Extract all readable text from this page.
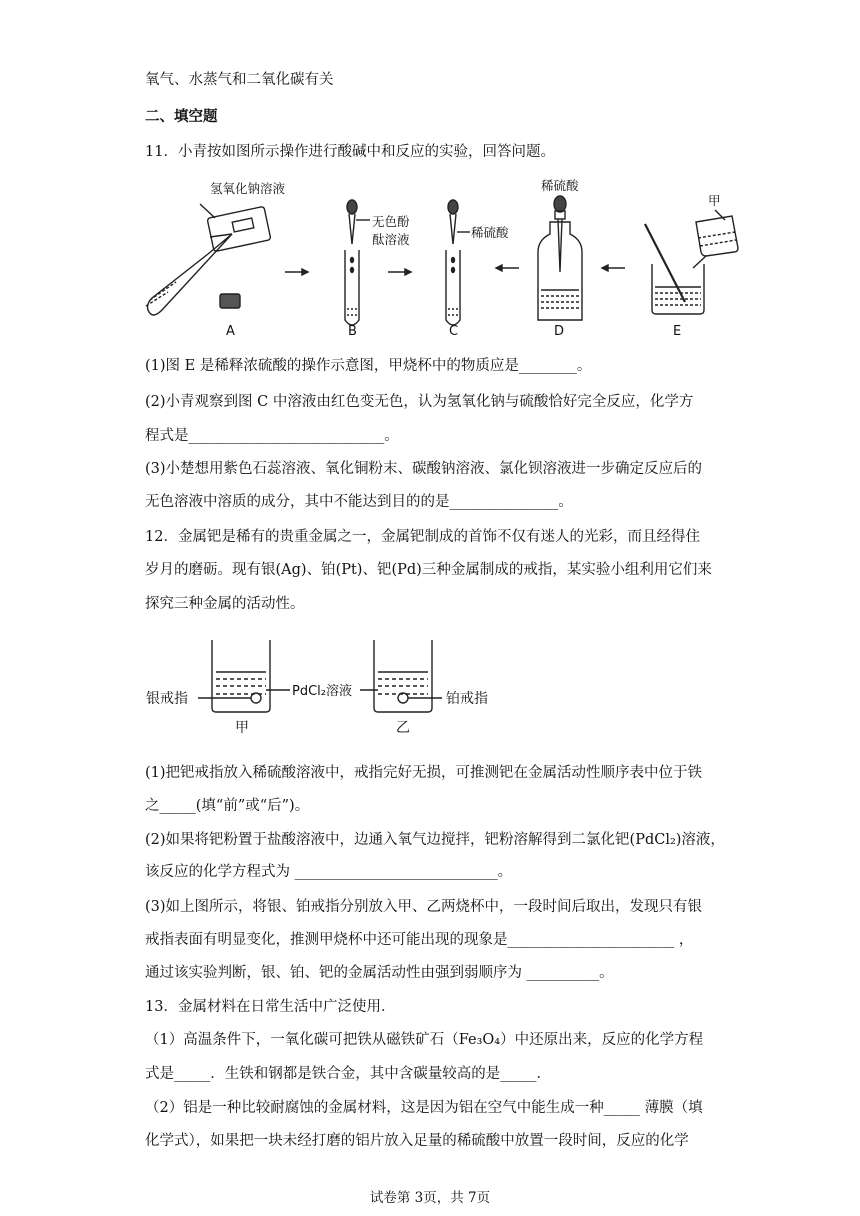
氧气、水蒸气和二氧化碳有关
二、填空题
11．小青按如图所示操作进行酸碱中和反应的实验，回答问题。
氢氧化钠溶液
无色酚
酞溶液	稀硫酸
稀硫酸
甲
A	B	C	D	E
(1)图 E 是稀释浓硫酸的操作示意图，甲烧杯中的物质应是________。
(2)小青观察到图 C 中溶液由红色变无色，认为氢氧化钠与硫酸恰好完全反应，化学方
程式是___________________________。
(3)小楚想用紫色石蕊溶液、氧化铜粉末、碳酸钠溶液、氯化钡溶液进一步确定反应后的
无色溶液中溶质的成分，其中不能达到目的的是_______________。
12．金属钯是稀有的贵重金属之一，金属钯制成的首饰不仅有迷人的光彩，而且经得住
岁月的磨砺。现有银(Ag)、铂(Pt)、钯(Pd)三种金属制成的戒指，某实验小组利用它们来
探究三种金属的活动性。
银戒指	PdCl₂溶液	铂戒指
甲	乙
(1)把钯戒指放入稀硫酸溶液中，戒指完好无损，可推测钯在金属活动性顺序表中位于铁
之_____(填“前”或“后”)。
(2)如果将钯粉置于盐酸溶液中，边通入氧气边搅拌，钯粉溶解得到二氯化钯(PdCl₂)溶液，
该反应的化学方程式为 ____________________________。
(3)如上图所示，将银、铂戒指分别放入甲、乙两烧杯中，一段时间后取出，发现只有银
戒指表面有明显变化，推测甲烧杯中还可能出现的现象是_______________________ ，
通过该实验判断，银、铂、钯的金属活动性由强到弱顺序为 __________。
13．金属材料在日常生活中广泛使用．
（1）高温条件下，一氧化碳可把铁从磁铁矿石（Fe₃O₄）中还原出来，反应的化学方程
式是_____．生铁和钢都是铁合金，其中含碳量较高的是_____．
（2）铝是一种比较耐腐蚀的金属材料，这是因为铝在空气中能生成一种_____ 薄膜（填
化学式），如果把一块未经打磨的铝片放入足量的稀硫酸中放置一段时间，反应的化学
试卷第 3页，共 7页
